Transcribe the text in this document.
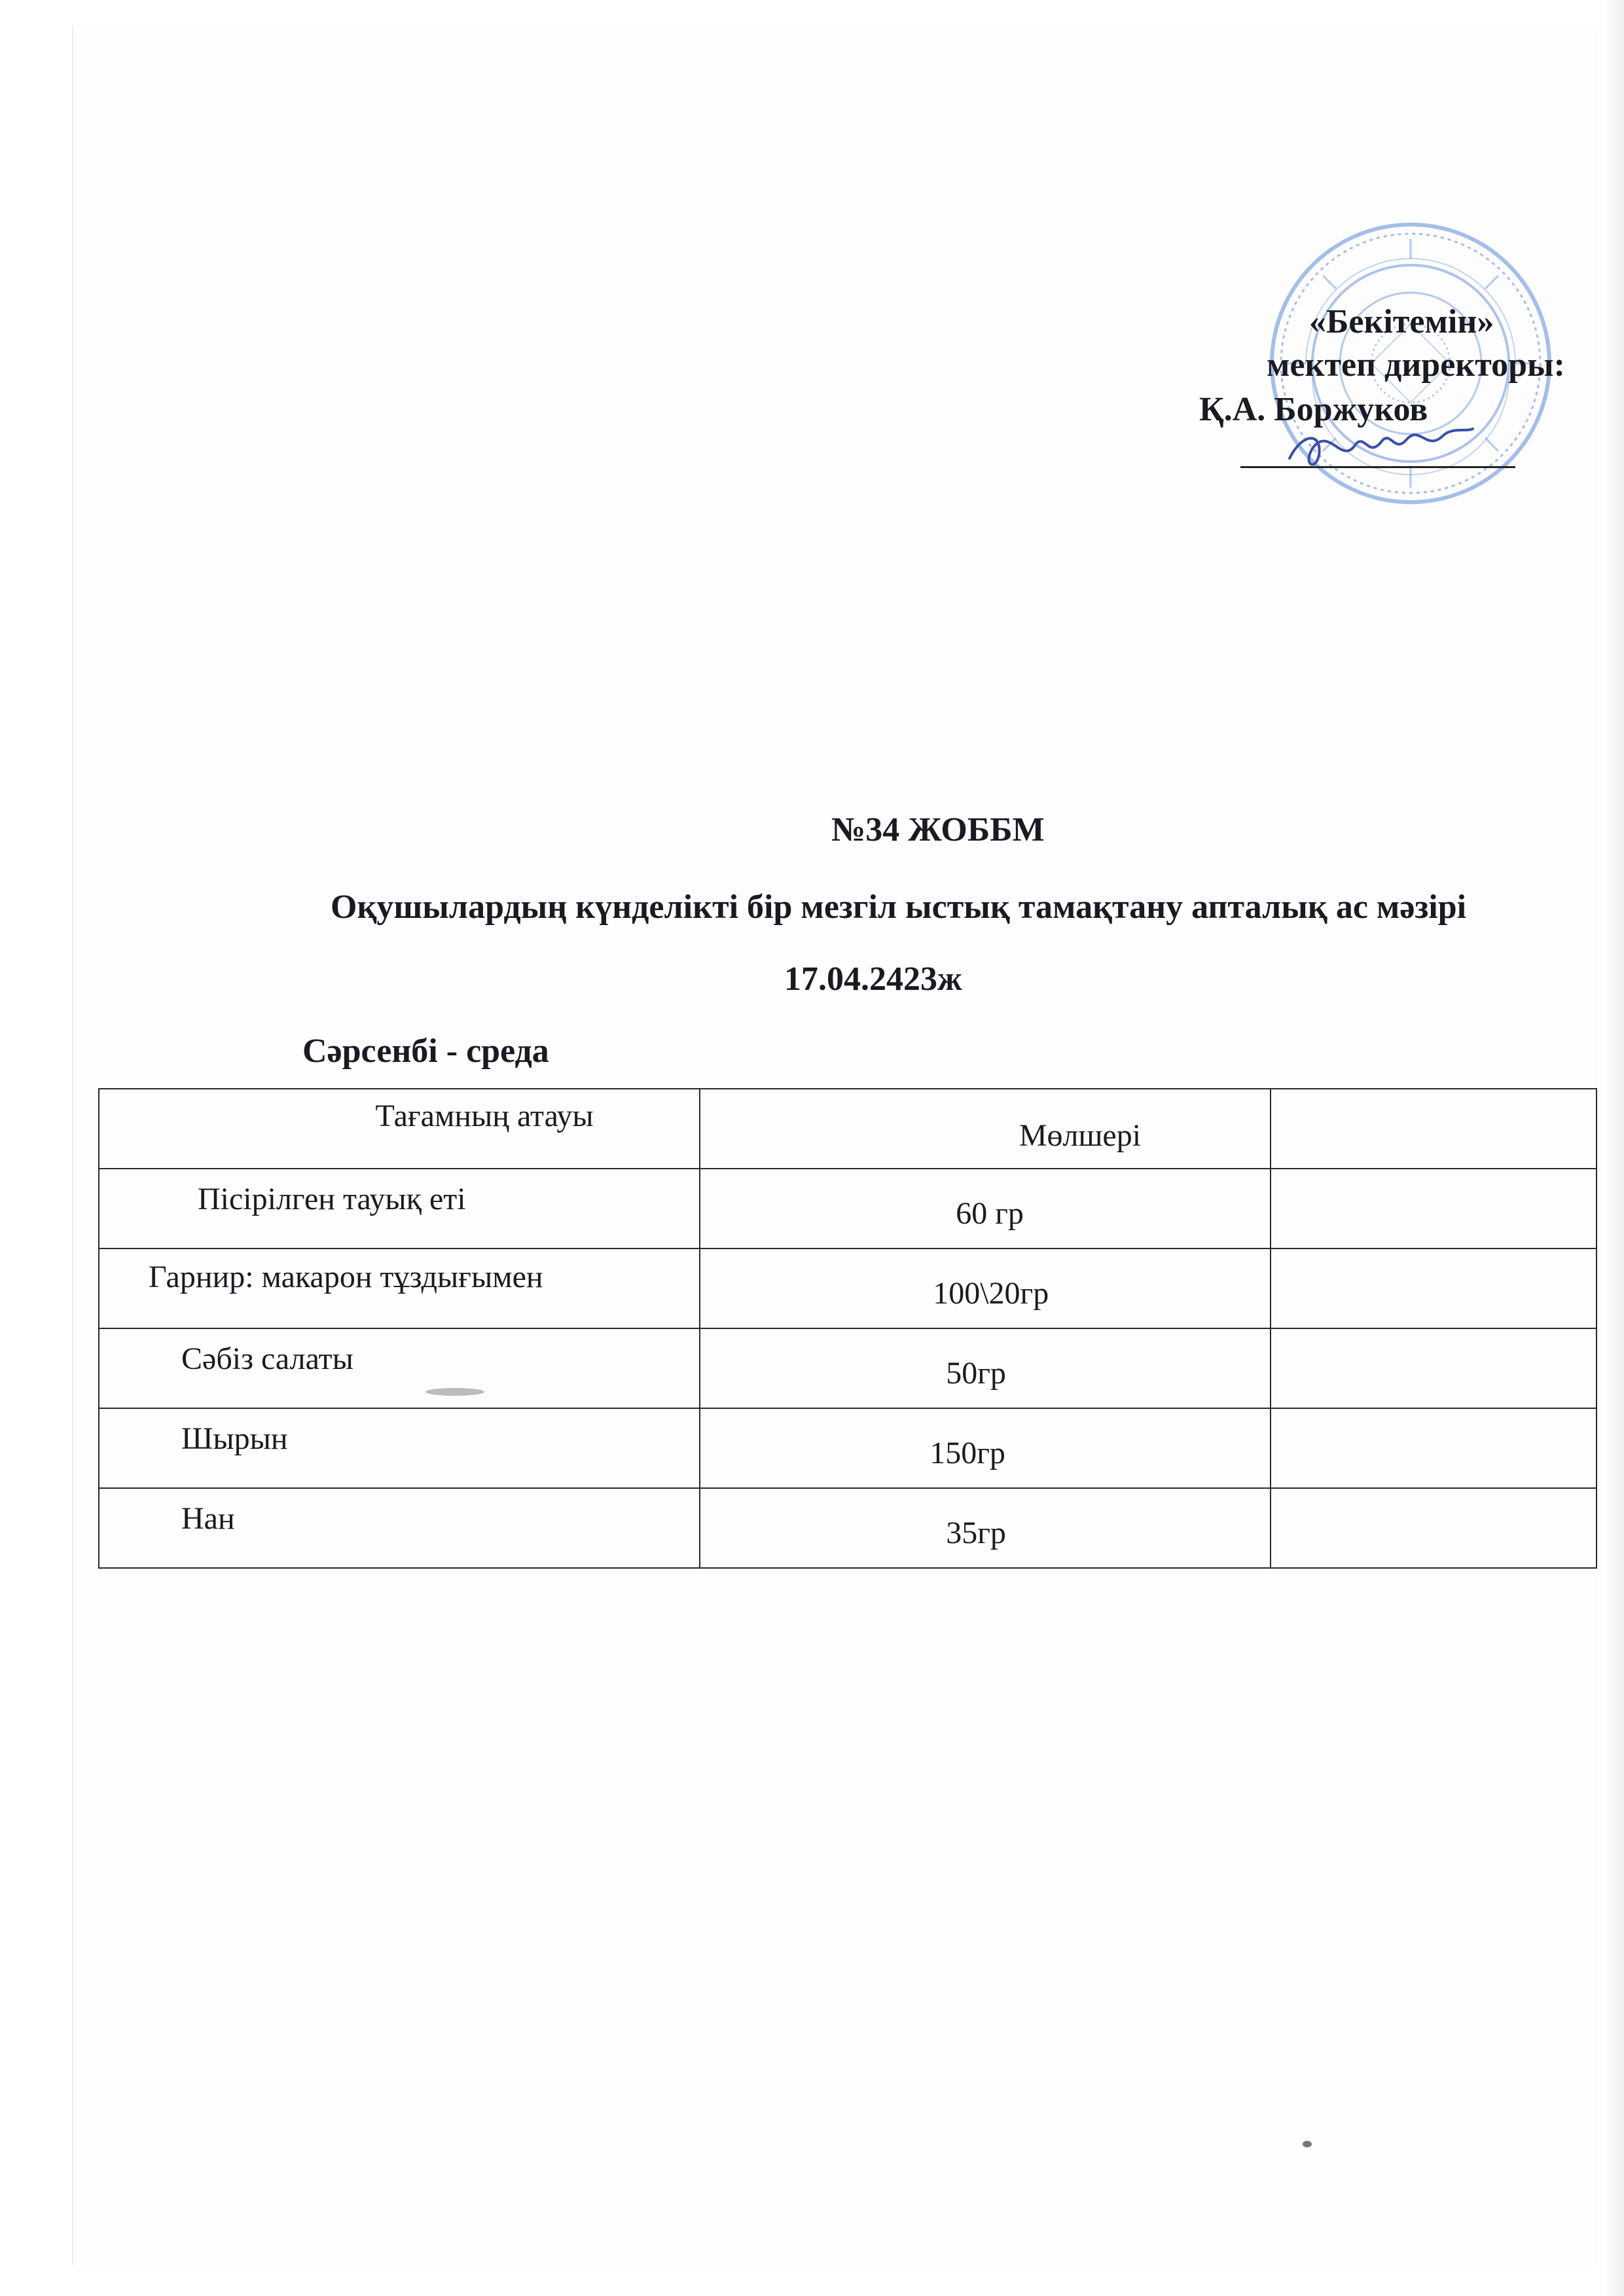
«Бекітемін»
мектеп директоры:
Қ.А. Боржуков
№34 ЖОББМ
Оқушылардың күнделікті бір мезгіл ыстық тамақтану апталық ас мәзірі
17.04.2423ж
Сәрсенбі - среда
Тағамның атауы	Мөлшері	

Пісірілген тауық еті	60 гр	

Гарнир: макарон тұздығымен	100\20гр	

Сәбіз салаты	50гр	

Шырын	150гр	

Нан	35гр	
